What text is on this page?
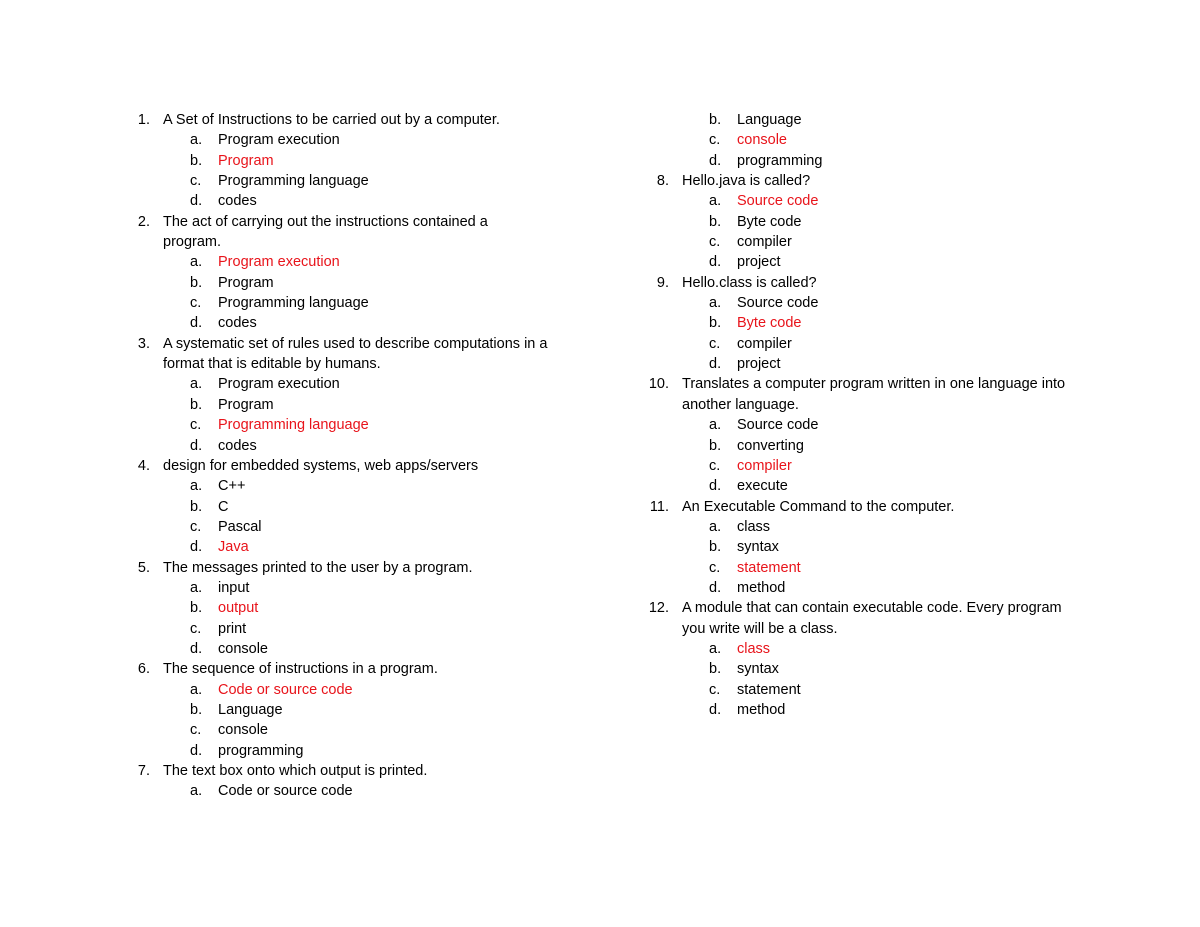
1. A Set of Instructions to be carried out by a computer.
a. Program execution
b. Program
c. Programming language
d. codes
2. The act of carrying out the instructions contained a
program.
a. Program execution
b. Program
c. Programming language
d. codes
3. A systematic set of rules used to describe computations in a
format that is editable by humans.
a. Program execution
b. Program
c. Programming language
d. codes
4. design for embedded systems, web apps/servers
a. C++
b. C
c. Pascal
d. Java
5. The messages printed to the user by a program.
a. input
b. output
c. print
d. console
6. The sequence of instructions in a program.
a. Code or source code
b. Language
c. console
d. programming
7. The text box onto which output is printed.
a. Code or source code
b. Language
c. console
d. programming
8. Hello.java is called?
a. Source code
b. Byte code
c. compiler
d. project
9. Hello.class is called?
a. Source code
b. Byte code
c. compiler
d. project
10. Translates a computer program written in one language into
another language.
a. Source code
b. converting
c. compiler
d. execute
11. An Executable Command to the computer.
a. class
b. syntax
c. statement
d. method
12. A module that can contain executable code. Every program
you write will be a class.
a. class
b. syntax
c. statement
d. method
